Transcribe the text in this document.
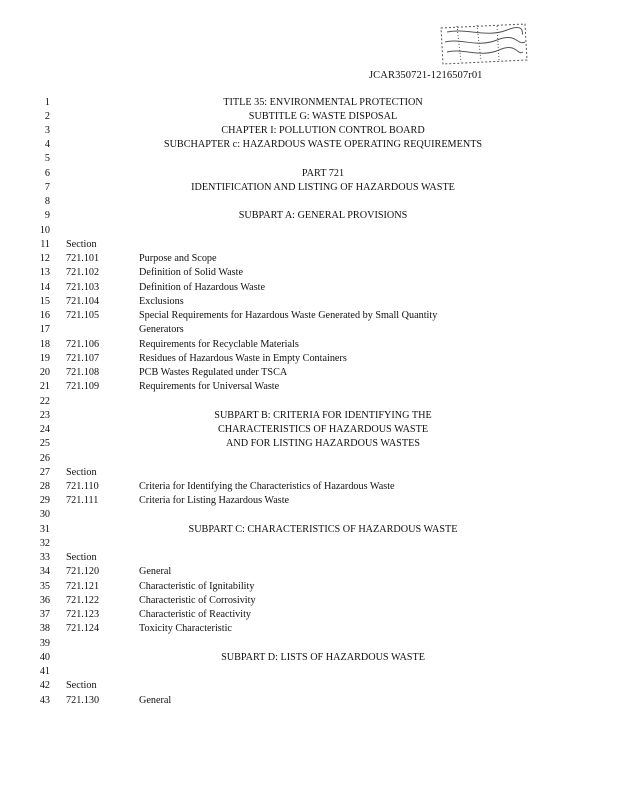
JCAR350721-1216507r01
1	TITLE 35: ENVIRONMENTAL PROTECTION
2	SUBTITLE G: WASTE DISPOSAL
3	CHAPTER I: POLLUTION CONTROL BOARD
4	SUBCHAPTER c: HAZARDOUS WASTE OPERATING REQUIREMENTS
5
6	PART 721
7	IDENTIFICATION AND LISTING OF HAZARDOUS WASTE
8
9	SUBPART A: GENERAL PROVISIONS
10
11 Section
12 721.101	Purpose and Scope
13 721.102	Definition of Solid Waste
14 721.103	Definition of Hazardous Waste
15 721.104	Exclusions
16 721.105	Special Requirements for Hazardous Waste Generated by Small Quantity
17	Generators
18 721.106	Requirements for Recyclable Materials
19 721.107	Residues of Hazardous Waste in Empty Containers
20 721.108	PCB Wastes Regulated under TSCA
21 721.109	Requirements for Universal Waste
22
23	SUBPART B: CRITERIA FOR IDENTIFYING THE
24	CHARACTERISTICS OF HAZARDOUS WASTE
25	AND FOR LISTING HAZARDOUS WASTES
26
27 Section
28 721.110	Criteria for Identifying the Characteristics of Hazardous Waste
29 721.111	Criteria for Listing Hazardous Waste
30
31	SUBPART C: CHARACTERISTICS OF HAZARDOUS WASTE
32
33 Section
34 721.120	General
35 721.121	Characteristic of Ignitability
36 721.122	Characteristic of Corrosivity
37 721.123	Characteristic of Reactivity
38 721.124	Toxicity Characteristic
39
40	SUBPART D: LISTS OF HAZARDOUS WASTE
41
42 Section
43 721.130	General
